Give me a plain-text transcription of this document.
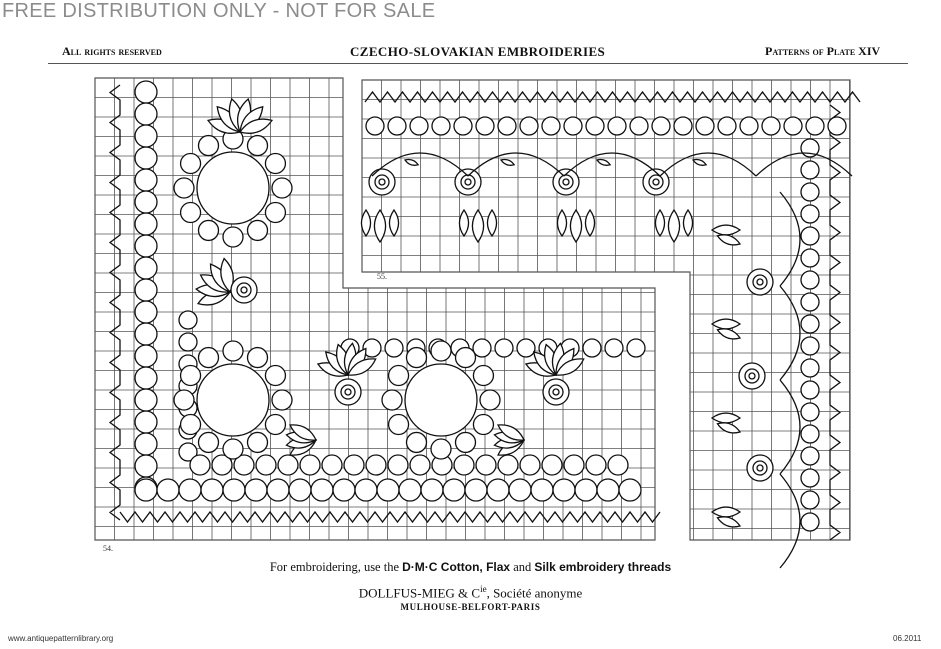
FREE DISTRIBUTION ONLY - NOT FOR SALE
All rights reserved	CZECHO-SLOVAKIAN EMBROIDERIES	Patterns of Plate XIV
55.
54.
For embroidering, use the D·M·C Cotton, Flax and Silk embroidery threads
DOLLFUS-MIEG & $C^{ie}$, Société anonyme
MULHOUSE-BELFORT-PARIS
www.antiquepatternlibrary.org	06.2011
